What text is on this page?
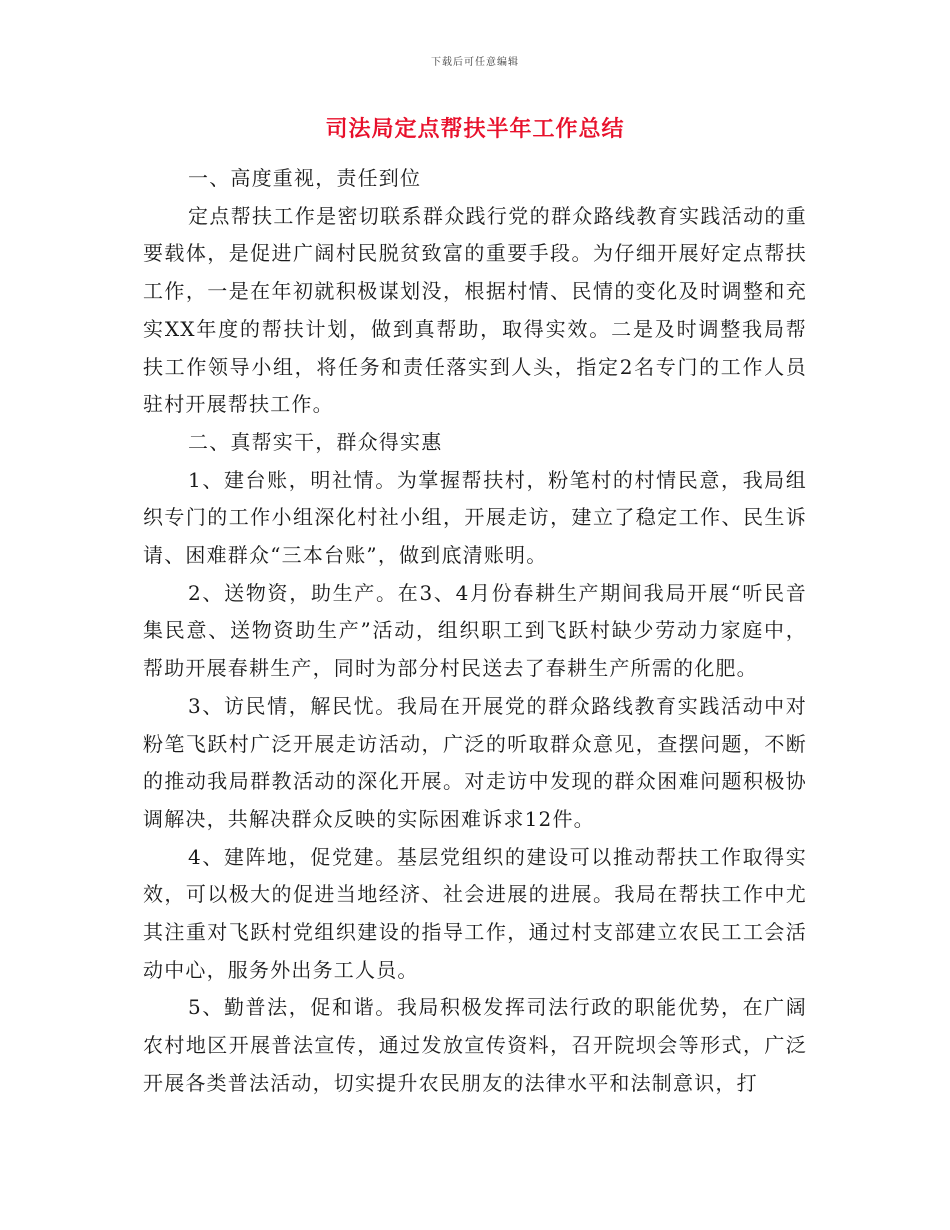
下载后可任意编辑
司法局定点帮扶半年工作总结

一、高度重视，责任到位

定点帮扶工作是密切联系群众践行党的群众路线教育实践活动的重要载体，是促进广阔村民脱贫致富的重要手段。为仔细开展好定点帮扶工作，一是在年初就积极谋划没，根据村情、民情的变化及时调整和充实XX年度的帮扶计划，做到真帮助，取得实效。二是及时调整我局帮扶工作领导小组，将任务和责任落实到人头，指定2名专门的工作人员驻村开展帮扶工作。

二、真帮实干，群众得实惠

1、建台账，明社情。为掌握帮扶村，粉笔村的村情民意，我局组织专门的工作小组深化村社小组，开展走访，建立了稳定工作、民生诉请、困难群众“三本台账”，做到底清账明。

2、送物资，助生产。在3、4月份春耕生产期间我局开展“听民音集民意、送物资助生产”活动，组织职工到飞跃村缺少劳动力家庭中，帮助开展春耕生产，同时为部分村民送去了春耕生产所需的化肥。

3、访民情，解民忧。我局在开展党的群众路线教育实践活动中对粉笔飞跃村广泛开展走访活动，广泛的听取群众意见，查摆问题，不断的推动我局群教活动的深化开展。对走访中发现的群众困难问题积极协调解决，共解决群众反映的实际困难诉求12件。

4、建阵地，促党建。基层党组织的建设可以推动帮扶工作取得实效，可以极大的促进当地经济、社会进展的进展。我局在帮扶工作中尤其注重对飞跃村党组织建设的指导工作，通过村支部建立农民工工会活动中心，服务外出务工人员。

5、勤普法，促和谐。我局积极发挥司法行政的职能优势，在广阔农村地区开展普法宣传，通过发放宣传资料，召开院坝会等形式，广泛开展各类普法活动，切实提升农民朋友的法律水平和法制意识，打
